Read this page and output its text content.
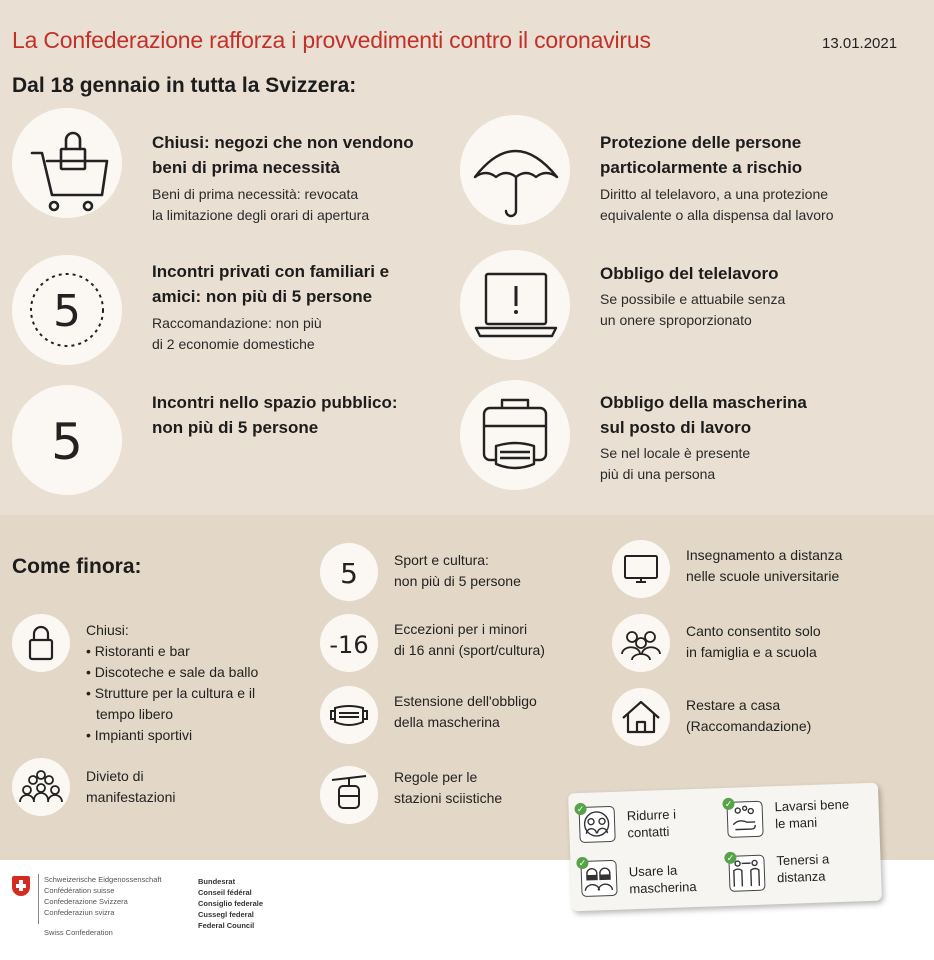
La Confederazione rafforza i provvedimenti contro il coronavirus	13.01.2021
Dal 18 gennaio in tutta la Svizzera:
Chiusi: negozi che non vendono
beni di prima necessità
Beni di prima necessità: revocata
la limitazione degli orari di apertura
5
Incontri privati con familiari e
amici: non più di 5 persone
Raccomandazione: non più
di 2 economie domestiche
5
Incontri nello spazio pubblico:
non più di 5 persone
Protezione delle persone
particolarmente a rischio
Diritto al telelavoro, a una protezione
equivalente o alla dispensa dal lavoro
Obbligo del telelavoro
Se possibile e attuabile senza
un onere sproporzionato
Obbligo della mascherina
sul posto di lavoro
Se nel locale è presente
più di una persona
Come finora:
Chiusi:
• Ristoranti e bar
• Discoteche e sale da ballo
• Strutture per la cultura e il tempo libero
• Impianti sportivi
Divieto di
manifestazioni
5	Sport e cultura:
non più di 5 persone
-16
Eccezioni per i minori
di 16 anni (sport/cultura)
Estensione dell'obbligo
della mascherina
Regole per le
stazioni sciistiche
Insegnamento a distanza
nelle scuole universitarie
Canto consentito solo
in famiglia e a scuola
Restare a casa
(Raccomandazione)
✓	Ridurre i
contatti
✓	Lavarsi bene
le mani
✓	Usare la
mascherina
✓	Tenersi a
distanza
Schweizerische Eidgenossenschaft
Confédération suisse
Confederazione Svizzera
Confederaziun svizra
Swiss Confederation
Bundesrat
Conseil fédéral
Consiglio federale
Cussegl federal
Federal Council
